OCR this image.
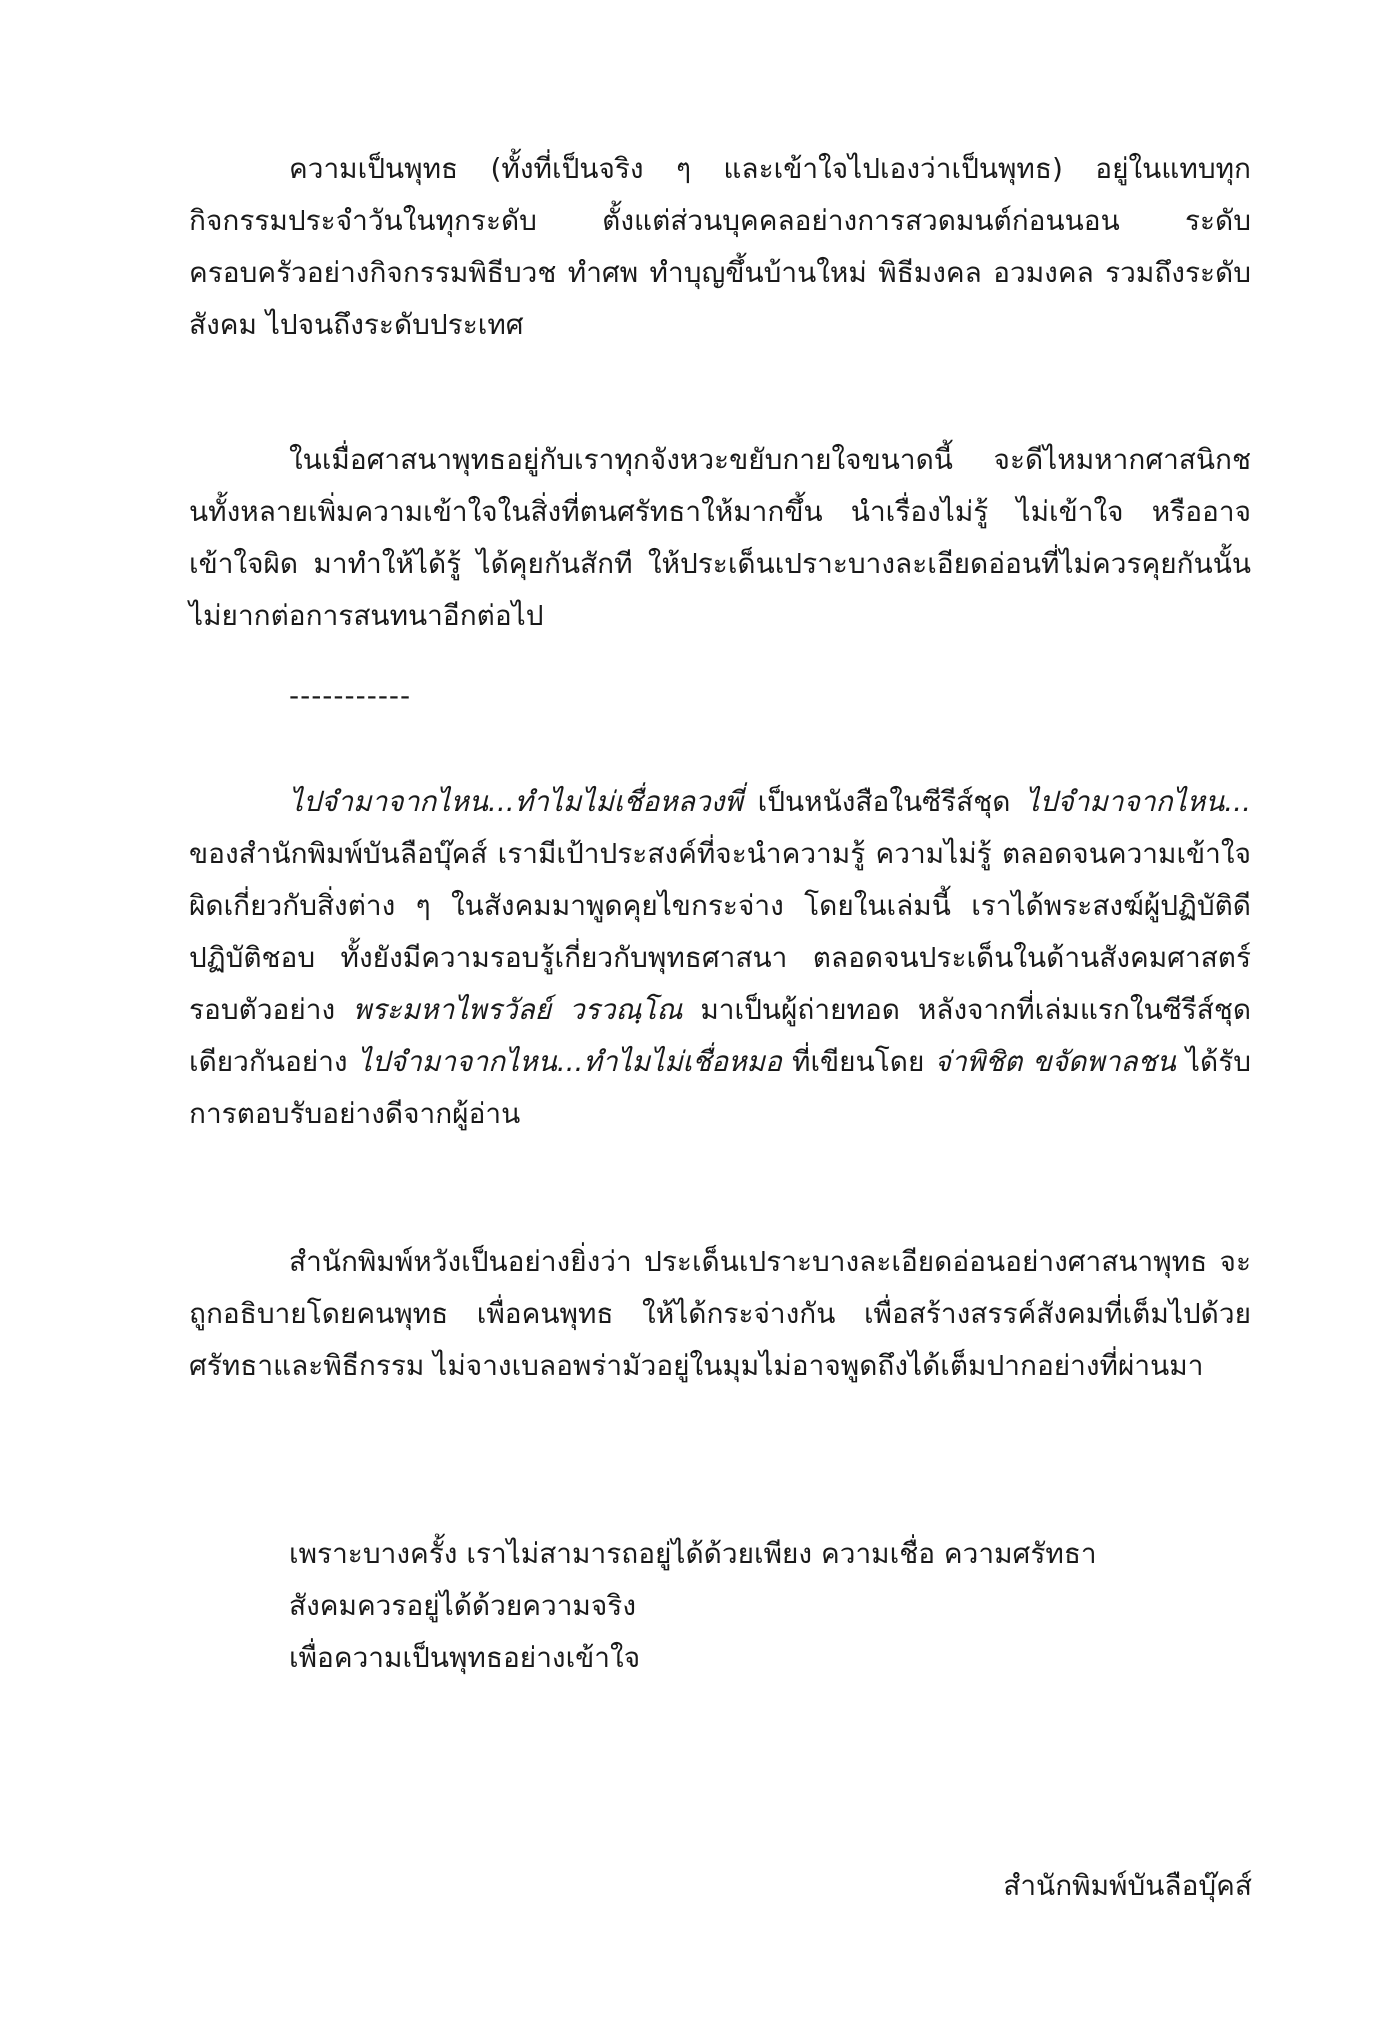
ความเป็นพุทธ (ทั้งที่เป็นจริง ๆ และเข้าใจไปเองว่าเป็นพุทธ) อยู่ในแทบทุกกิจกรรมประจำวันในทุกระดับ ตั้งแต่ส่วนบุคคลอย่างการสวดมนต์ก่อนนอน ระดับครอบครัวอย่างกิจกรรมพิธีบวช ทำศพ ทำบุญขึ้นบ้านใหม่ พิธีมงคล อวมงคล รวมถึงระดับสังคม ไปจนถึงระดับประเทศ

ในเมื่อศาสนาพุทธอยู่กับเราทุกจังหวะขยับกายใจขนาดนี้ จะดีไหมหากศาสนิกชนทั้งหลายเพิ่มความเข้าใจในสิ่งที่ตนศรัทธาให้มากขึ้น นำเรื่องไม่รู้ ไม่เข้าใจ หรืออาจเข้าใจผิด มาทำให้ได้รู้ ได้คุยกันสักที ให้ประเด็นเปราะบางละเอียดอ่อนที่ไม่ควรคุยกันนั้น ไม่ยากต่อการสนทนาอีกต่อไป

-----------

ไปจำมาจากไหน...ทำไมไม่เชื่อหลวงพี่ เป็นหนังสือในซีรีส์ชุด ไปจำมาจากไหน... ของสำนักพิมพ์บันลือบุ๊คส์ เรามีเป้าประสงค์ที่จะนำความรู้ ความไม่รู้ ตลอดจนความเข้าใจผิดเกี่ยวกับสิ่งต่าง ๆ ในสังคมมาพูดคุยไขกระจ่าง โดยในเล่มนี้ เราได้พระสงฆ์ผู้ปฏิบัติดี ปฏิบัติชอบ ทั้งยังมีความรอบรู้เกี่ยวกับพุทธศาสนา ตลอดจนประเด็นในด้านสังคมศาสตร์รอบตัวอย่าง พระมหาไพรวัลย์ วรวณฺโณ มาเป็นผู้ถ่ายทอด หลังจากที่เล่มแรกในซีรีส์ชุดเดียวกันอย่าง ไปจำมาจากไหน...ทำไมไม่เชื่อหมอ ที่เขียนโดย จ่าพิชิต ขจัดพาลชน ได้รับการตอบรับอย่างดีจากผู้อ่าน

สำนักพิมพ์หวังเป็นอย่างยิ่งว่า ประเด็นเปราะบางละเอียดอ่อนอย่างศาสนาพุทธ จะถูกอธิบายโดยคนพุทธ เพื่อคนพุทธ ให้ได้กระจ่างกัน เพื่อสร้างสรรค์สังคมที่เต็มไปด้วยศรัทธาและพิธีกรรม ไม่จางเบลอพร่ามัวอยู่ในมุมไม่อาจพูดถึงได้เต็มปากอย่างที่ผ่านมา

เพราะบางครั้ง เราไม่สามารถอยู่ได้ด้วยเพียง ความเชื่อ ความศรัทธา
สังคมควรอยู่ได้ด้วยความจริง
เพื่อความเป็นพุทธอย่างเข้าใจ
สำนักพิมพ์บันลือบุ๊คส์
